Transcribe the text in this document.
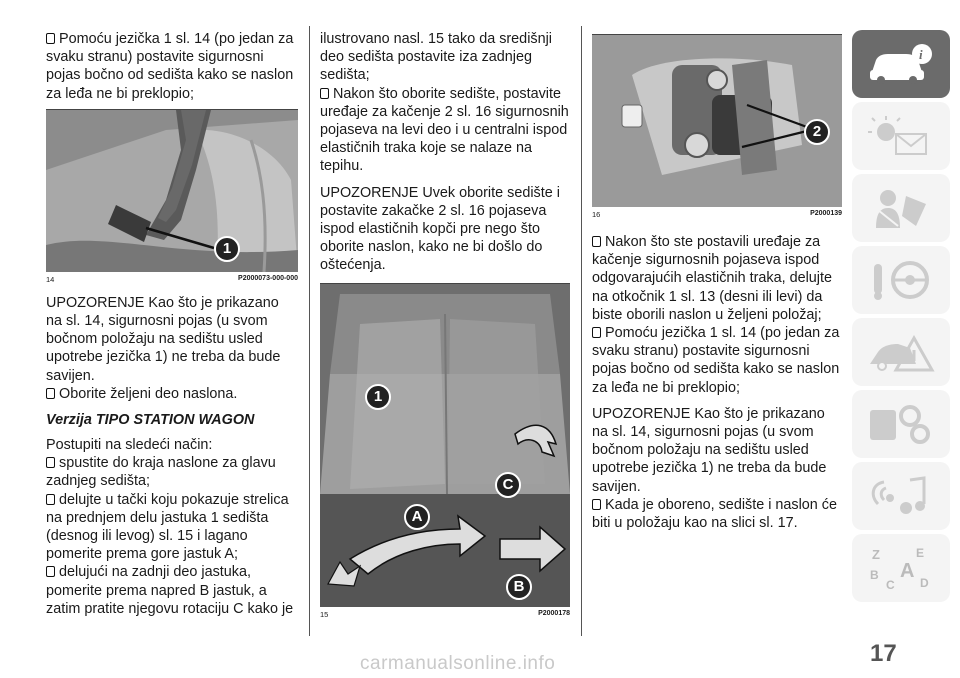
Pomoću jezička 1 sl. 14 (po jedan za svaku stranu) postavite sigurnosni pojas bočno od sedišta kako se naslon za leđa ne bi preklopio;

1
14	P2000073-000-000

UPOZORENJE Kao što je prikazano na sl. 14, sigurnosni pojas (u svom bočnom položaju na sedištu usled upotrebe jezička 1) ne treba da bude savijen.

Oborite željeni deo naslona.

Verzija TIPO STATION WAGON

Postupiti na sledeći način:

spustite do kraja naslone za glavu zadnjeg sedišta;

delujte u tački koju pokazuje strelica na prednjem delu jastuka 1 sedišta (desnog ili levog) sl. 15 i lagano pomerite prema gore jastuk A;

delujući na zadnji deo jastuka, pomerite prema napred B jastuk, a zatim pratite njegovu rotaciju C kako je

ilustrovano nasl. 15 tako da središnji deo sedišta postavite iza zadnjeg sedišta;

Nakon što oborite sedište, postavite uređaje za kačenje 2 sl. 16 sigurnosnih pojaseva na levi deo i u centralni ispod elastičnih traka koje se nalaze na tepihu.

UPOZORENJE Uvek oborite sedište i postavite zakačke 2 sl. 16 pojaseva ispod elastičnih kopči pre nego što oborite naslon, kako ne bi došlo do oštećenja.

1
A
B
C
15	P2000178
2
16	P2000139

Nakon što ste postavili uređaje za kačenje sigurnosnih pojaseva ispod odgovarajućih elastičnih traka, delujte na otkočnik 1 sl. 13 (desni ili levi) da biste oborili naslon u željeni položaj;

Pomoću jezička 1 sl. 14 (po jedan za svaku stranu) postavite sigurnosni pojas bočno od sedišta kako se naslon za leđa ne bi preklopio;

UPOZORENJE Kao što je prikazano na sl. 14, sigurnosni pojas (u svom bočnom položaju na sedištu usled upotrebe jezička 1) ne treba da bude savijen.

Kada je oboreno, sedište i naslon će biti u položaju kao na slici sl. 17.

i
Z	E
B A
C D
17
carmanualsonline.info
